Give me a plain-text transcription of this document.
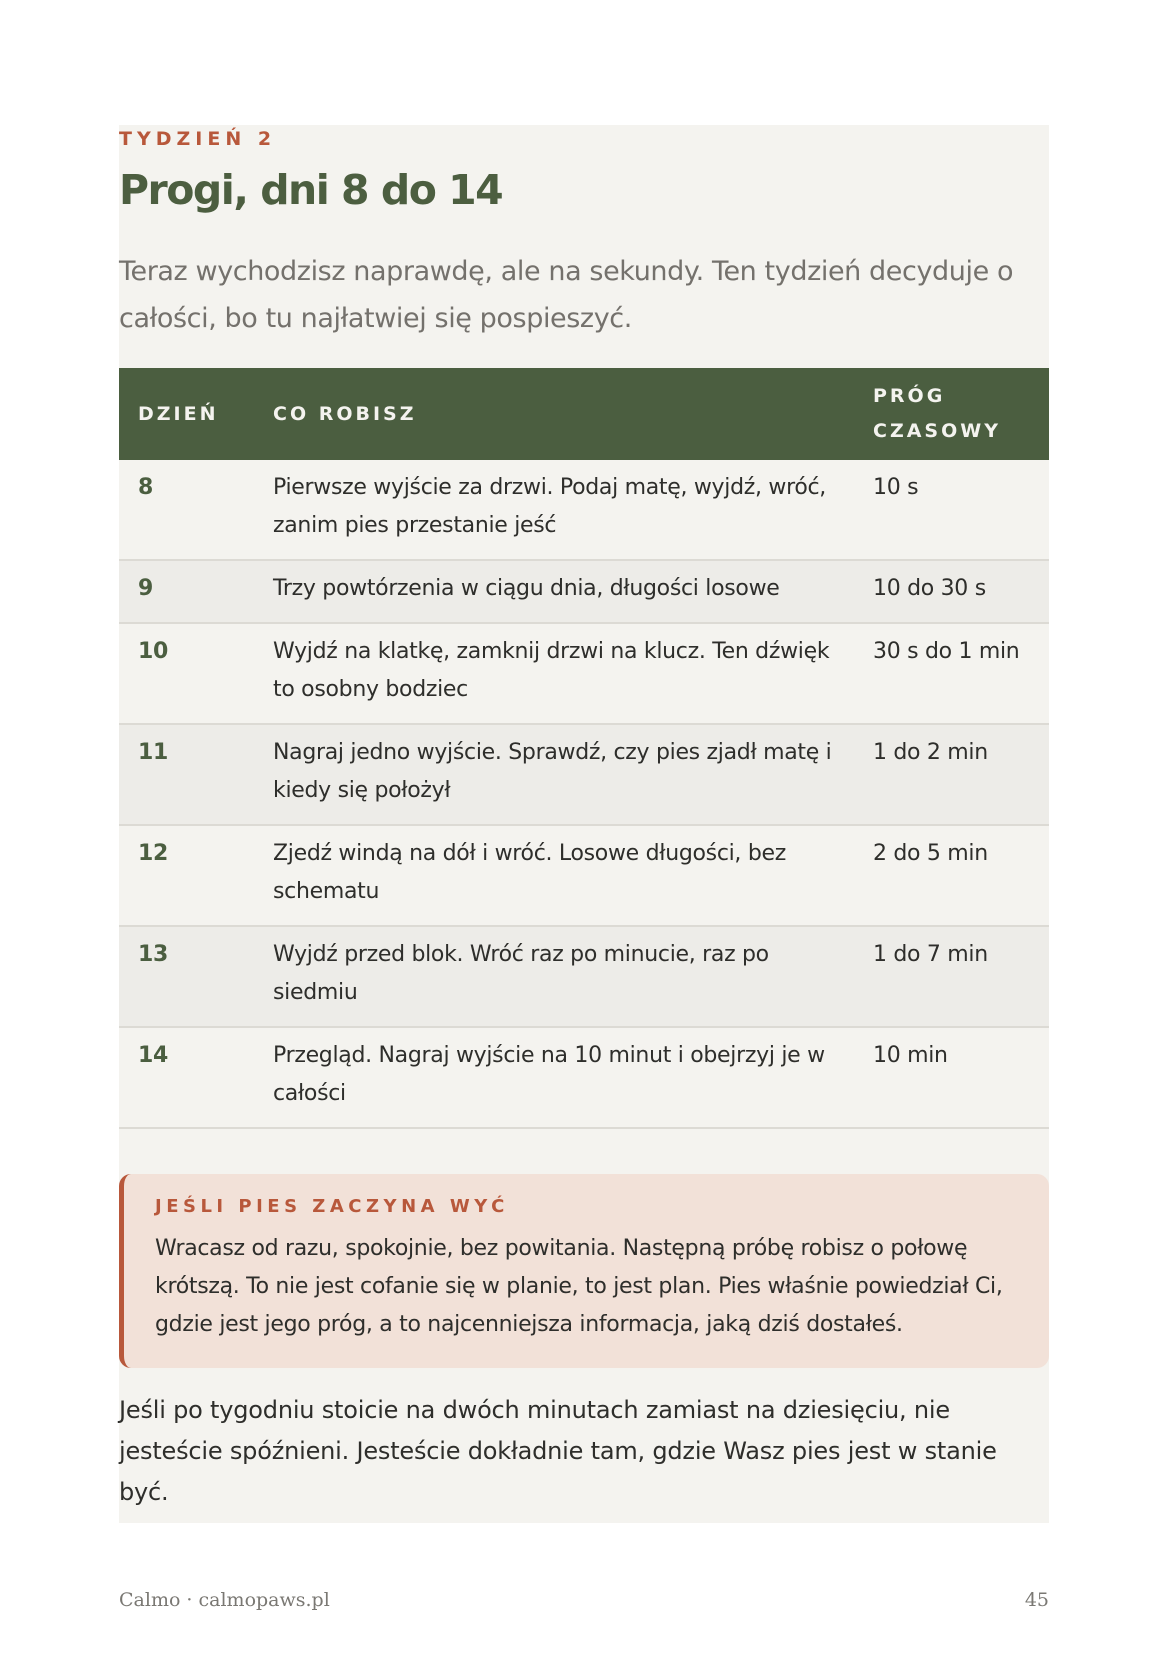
TYDZIEŃ 2
Progi, dni 8 do 14
Teraz wychodzisz naprawdę, ale na sekundy. Ten tydzień decyduje o całości, bo tu najłatwiej się pospieszyć.
DZIEŃ	CO ROBISZ	PRÓG CZASOWY
8	Pierwsze wyjście za drzwi. Podaj matę, wyjdź, wróć, zanim pies przestanie jeść	10 s
9	Trzy powtórzenia w ciągu dnia, długości losowe	10 do 30 s
10	Wyjdź na klatkę, zamknij drzwi na klucz. Ten dźwięk to osobny bodziec	30 s do 1 min
11	Nagraj jedno wyjście. Sprawdź, czy pies zjadł matę i kiedy się położył	1 do 2 min
12	Zjedź windą na dół i wróć. Losowe długości, bez schematu	2 do 5 min
13	Wyjdź przed blok. Wróć raz po minucie, raz po siedmiu	1 do 7 min
14	Przegląd. Nagraj wyjście na 10 minut i obejrzyj je w całości	10 min
JEŚLI PIES ZACZYNA WYĆ
Wracasz od razu, spokojnie, bez powitania. Następną próbę robisz o połowę krótszą. To nie jest cofanie się w planie, to jest plan. Pies właśnie powiedział Ci, gdzie jest jego próg, a to najcenniejsza informacja, jaką dziś dostałeś.
Jeśli po tygodniu stoicie na dwóch minutach zamiast na dziesięciu, nie jesteście spóźnieni. Jesteście dokładnie tam, gdzie Wasz pies jest w stanie być.
Calmo · calmopaws.pl	45
